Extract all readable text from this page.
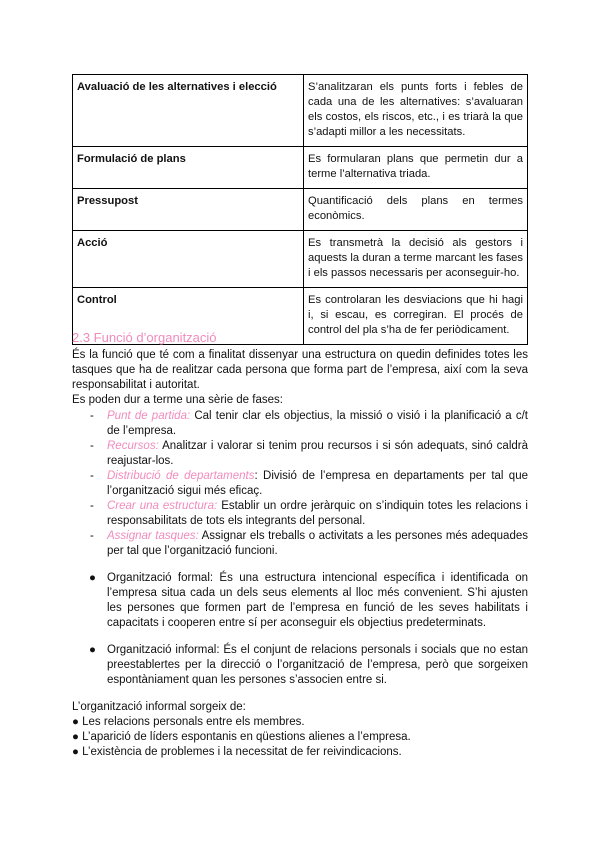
Avaluació de les alternatives i elecció	S’analitzaran els punts forts i febles de cada una de les alternatives: s’avaluaran els costos, els riscos, etc., i es triarà la que s’adapti millor a les necessitats.
Formulació de plans	Es formularan plans que permetin dur a terme l’alternativa triada.
Pressupost	Quantificació dels plans en termes econòmics.
Acció	Es transmetrà la decisió als gestors i aquests la duran a terme marcant les fases i els passos necessaris per aconseguir-ho.
Control	Es controlaran les desviacions que hi hagi i, si escau, es corregiran. El procés de control del pla s’ha de fer periòdicament.
2.3 Funció d’organització

És la funció que té com a finalitat dissenyar una estructura on quedin definides totes les tasques que ha de realitzar cada persona que forma part de l’empresa, així com la seva responsabilitat i autoritat.

Es poden dur a terme una sèrie de fases:

- Punt de partida: Cal tenir clar els objectius, la missió o visió i la planificació a c/t de l’empresa.
- Recursos: Analitzar i valorar si tenim prou recursos i si són adequats, sinó caldrà reajustar-los.
- Distribució de departaments: Divisió de l’empresa en departaments per tal que l’organització sigui més eficaç.
- Crear una estructura: Establir un ordre jeràrquic on s’indiquin totes les relacions i responsabilitats de tots els integrants del personal.
- Assignar tasques: Assignar els treballs o activitats a les persones més adequades per tal que l’organització funcioni.
● Organització formal: És una estructura intencional específica i identificada on l’empresa situa cada un dels seus elements al lloc més convenient. S’hi ajusten les persones que formen part de l’empresa en funció de les seves habilitats i capacitats i cooperen entre sí per aconseguir els objectius predeterminats.
● Organització informal: És el conjunt de relacions personals i socials que no estan preestablertes per la direcció o l’organització de l’empresa, però que sorgeixen espontàniament quan les persones s’associen entre si.

L’organització informal sorgeix de:

● Les relacions personals entre els membres.
● L’aparició de líders espontanis en qüestions alienes a l’empresa.
● L’existència de problemes i la necessitat de fer reivindicacions.
